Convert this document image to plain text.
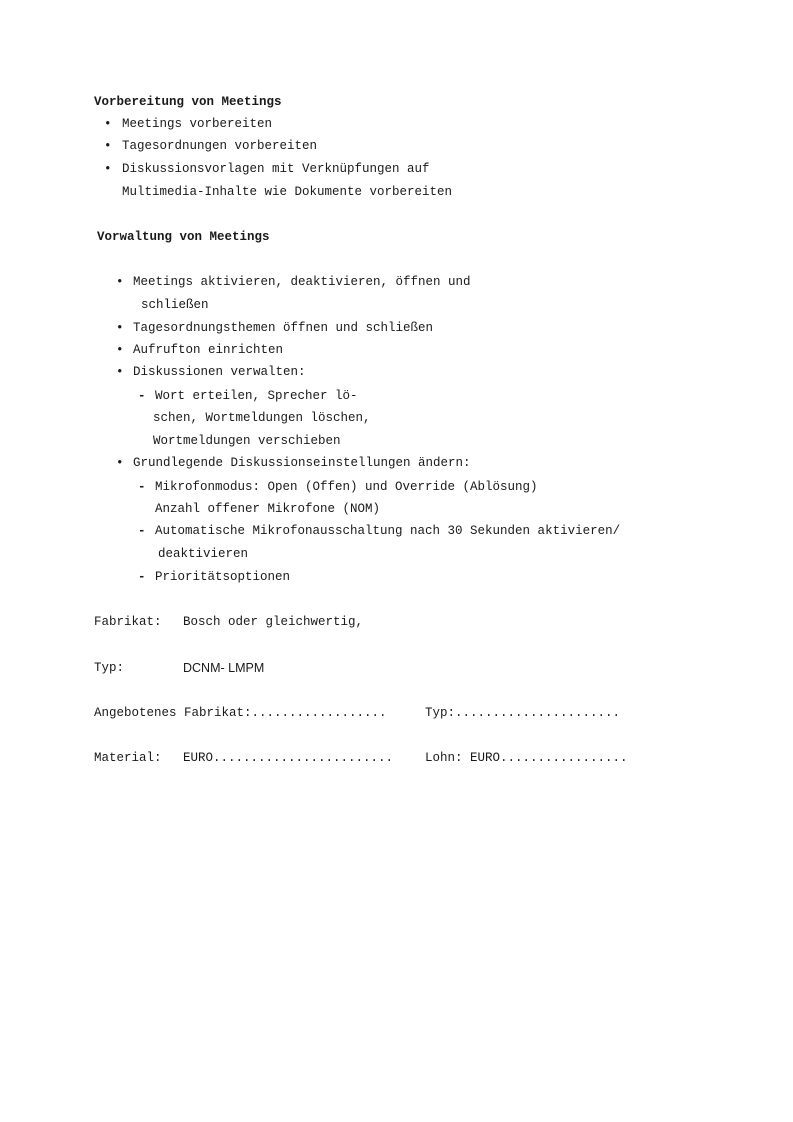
Vorbereitung von Meetings
• Meetings vorbereiten
• Tagesordnungen vorbereiten
• Diskussionsvorlagen mit Verknüpfungen auf
Multimedia-Inhalte wie Dokumente vorbereiten
Vorwaltung von Meetings
• Meetings aktivieren, deaktivieren, öffnen und
schließen
• Tagesordnungsthemen öffnen und schließen
• Aufrufton einrichten
• Diskussionen verwalten:
- Wort erteilen, Sprecher lö-
schen, Wortmeldungen löschen,
Wortmeldungen verschieben
• Grundlegende Diskussionseinstellungen ändern:
- Mikrofonmodus: Open (Offen) und Override (Ablösung)
Anzahl offener Mikrofone (NOM)
- Automatische Mikrofonausschaltung nach 30 Sekunden aktivieren/
deaktivieren
- Prioritätsoptionen
Fabrikat: Bosch oder gleichwertig,
Typ:	DCNM- LMPM
Angebotenes Fabrikat:..................	Typ:......................
Material: EURO........................	Lohn: EURO.................
